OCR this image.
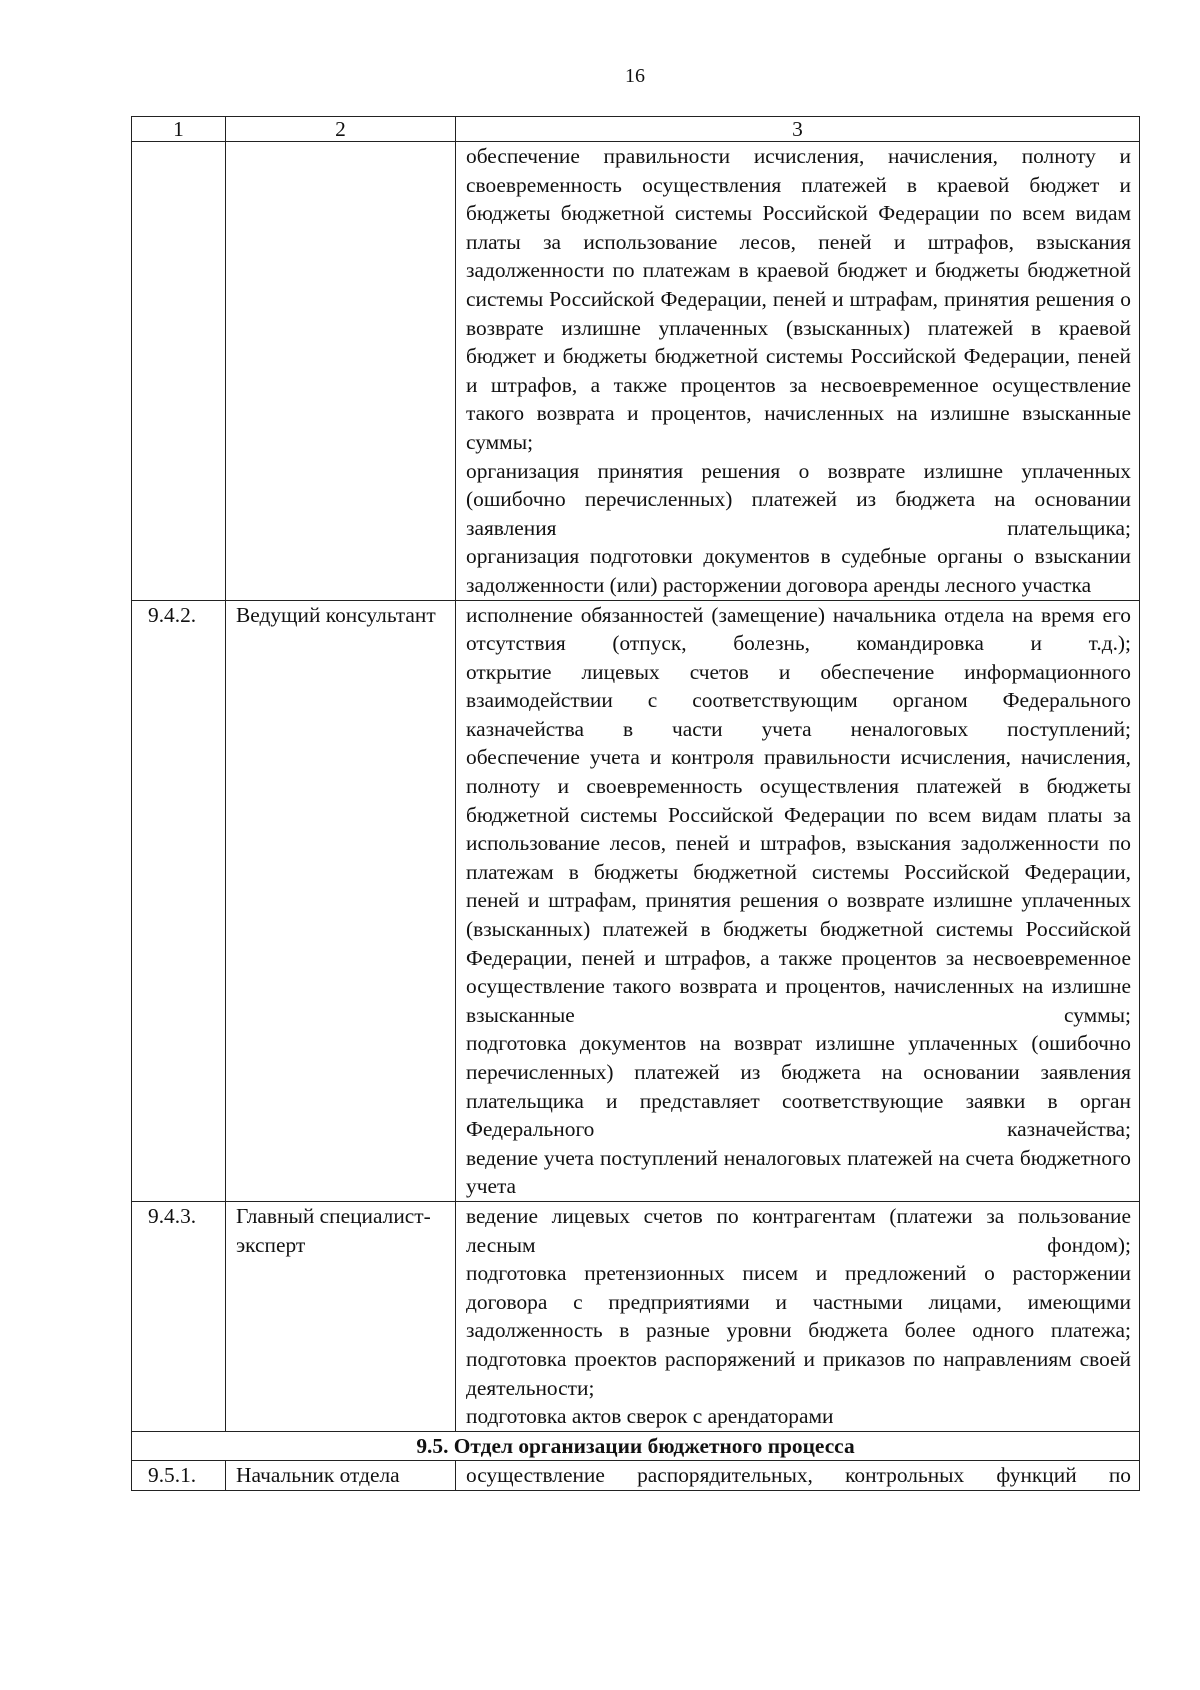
16
1	2	3

		обеспечение правильности исчисления, начисления, полноту и своевременность осуществления платежей в краевой бюджет и бюджеты бюджетной системы Российской Федерации по всем видам платы за использование лесов, пеней и штрафов, взыскания задолженности по платежам в краевой бюджет и бюджеты бюджетной системы Российской Федерации, пеней и штрафам, принятия решения о возврате излишне уплаченных (взысканных) платежей в краевой бюджет и бюджеты бюджетной системы Российской Федерации, пеней и штрафов, а также процентов за несвоевременное осуществление такого возврата и процентов, начисленных на излишне взысканные суммы;
организация принятия решения о возврате излишне уплаченных (ошибочно перечисленных) платежей из бюджета на основании заявления плательщика;
организация подготовки документов в судебные органы о взыскании задолженности (или) расторжении договора аренды лесного участка

9.4.2.	Ведущий консультант	исполнение обязанностей (замещение) начальника отдела на время его отсутствия (отпуск, болезнь, командировка и т.д.);
открытие лицевых счетов и обеспечение информационного взаимодействии с соответствующим органом Федерального казначейства в части учета неналоговых поступлений;
обеспечение учета и контроля правильности исчисления, начисления, полноту и своевременность осуществления платежей в бюджеты бюджетной системы Российской Федерации по всем видам платы за использование лесов, пеней и штрафов, взыскания задолженности по платежам в бюджеты бюджетной системы Российской Федерации, пеней и штрафам, принятия решения о возврате излишне уплаченных (взысканных) платежей в бюджеты бюджетной системы Российской Федерации, пеней и штрафов, а также процентов за несвоевременное осуществление такого возврата и процентов, начисленных на излишне взысканные суммы;
подготовка документов на возврат излишне уплаченных (ошибочно перечисленных) платежей из бюджета на основании заявления плательщика и представляет соответствующие заявки в орган Федерального казначейства;
ведение учета поступлений неналоговых платежей на счета бюджетного учета

9.4.3.	Главный специалист-эксперт	ведение лицевых счетов по контрагентам (платежи за пользование лесным фондом);
подготовка претензионных писем и предложений о расторжении договора с предприятиями и частными лицами, имеющими задолженность в разные уровни бюджета более одного платежа;
подготовка проектов распоряжений и приказов по направлениям своей деятельности;
подготовка актов сверок с арендаторами

9.5. Отдел организации бюджетного процесса		
9.5.1.	Начальник отдела	осуществление распорядительных, контрольных функций по
